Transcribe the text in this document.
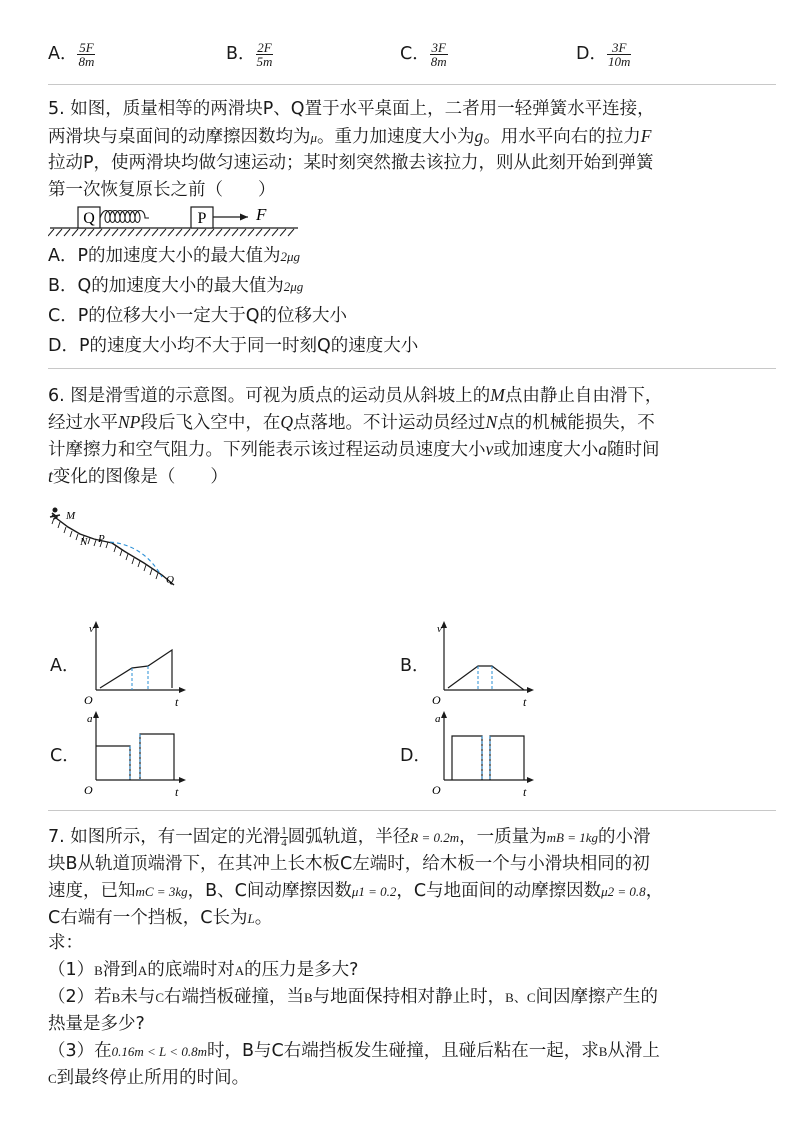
A． $\frac{5F}{8m}$	B． $\frac{2F}{5m}$	C． $\frac{3F}{8m}$	D． $\frac{3F}{10m}$
5. 如图，质量相等的两滑块P、Q置于水平桌面上，二者用一轻弹簧水平连接，
两滑块与桌面间的动摩擦因数均为μ。重力加速度大小为g。用水平向右的拉力F
拉动P，使两滑块均做匀速运动；某时刻突然撤去该拉力，则从此刻开始到弹簧
第一次恢复原长之前（　　）
Q	P	F
A．P的加速度大小的最大值为2μg
B．Q的加速度大小的最大值为2μg
C．P的位移大小一定大于Q的位移大小
D．P的速度大小均不大于同一时刻Q的速度大小
6. 图是滑雪道的示意图。可视为质点的运动员从斜坡上的M点由静止自由滑下，
经过水平NP段后飞入空中，在Q点落地。不计运动员经过N点的机械能损失，不
计摩擦力和空气阻力。下列能表示该过程运动员速度大小v或加速度大小a随时间
t变化的图像是（　　）
M
N P
Q
A．
v
O	t
B．
v
O	t
C．
a
O	t
D．
a
O	t
7. 如图所示，有一固定的光滑 $\frac{1}{4}$ 圆弧轨道，半径R = 0.2m，一质量为mB = 1kg的小滑
块B从轨道顶端滑下，在其冲上长木板C左端时，给木板一个与小滑块相同的初
速度，已知mC = 3kg，B、C间动摩擦因数μ1 = 0.2，C与地面间的动摩擦因数μ2 = 0.8，
C右端有一个挡板，C长为L。
求：
（1）B滑到A的底端时对A的压力是多大?
（2）若B未与C右端挡板碰撞，当B与地面保持相对静止时，B、C间因摩擦产生的
热量是多少?
（3）在0.16m < L < 0.8m时，B与C右端挡板发生碰撞，且碰后粘在一起，求B从滑上
C到最终停止所用的时间。
